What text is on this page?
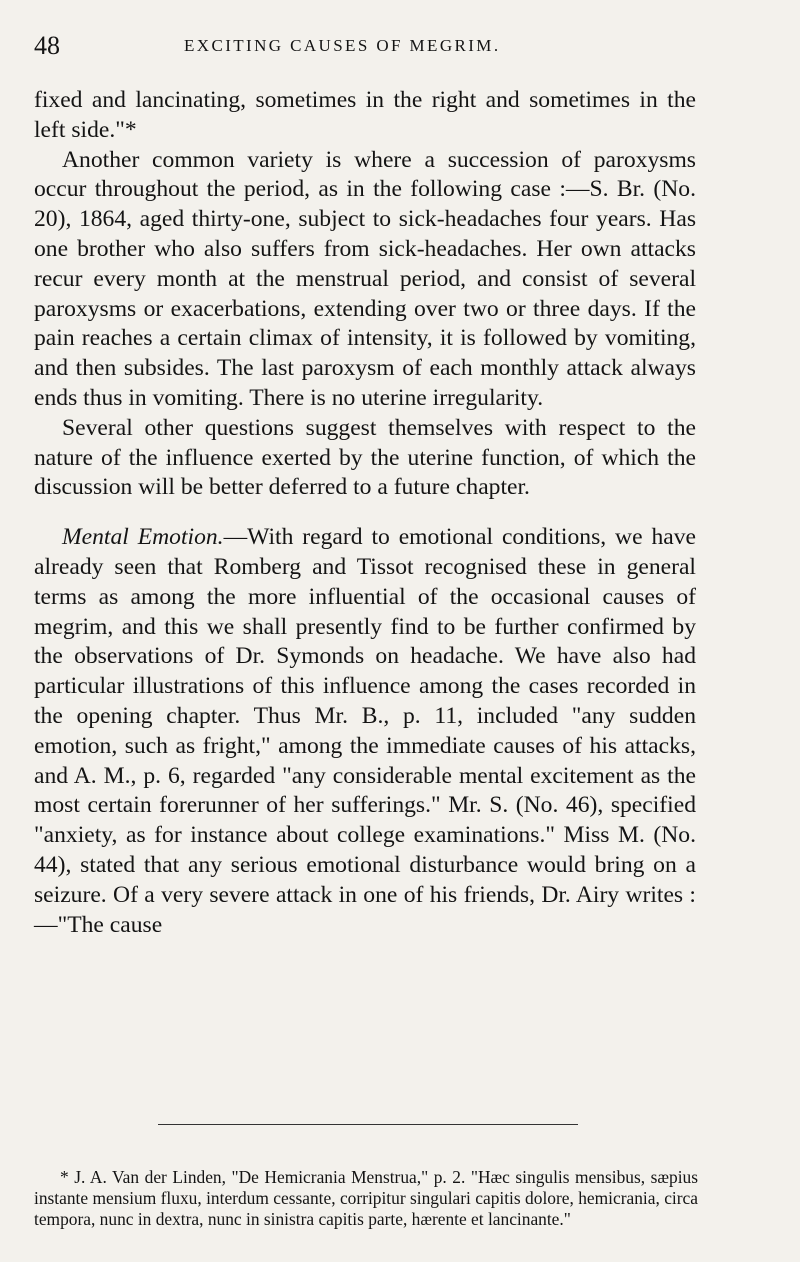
48	EXCITING CAUSES OF MEGRIM.

fixed and lancinating, sometimes in the right and sometimes in the left side."*

Another common variety is where a succession of paroxysms occur throughout the period, as in the following case :—S. Br. (No. 20), 1864, aged thirty-one, subject to sick-headaches four years. Has one brother who also suffers from sick-headaches. Her own attacks recur every month at the menstrual period, and consist of several paroxysms or exacerbations, extending over two or three days. If the pain reaches a certain climax of intensity, it is followed by vomiting, and then subsides. The last paroxysm of each monthly attack always ends thus in vomiting. There is no uterine irregularity.

Several other questions suggest themselves with respect to the nature of the influence exerted by the uterine function, of which the discussion will be better deferred to a future chapter.

Mental Emotion.—With regard to emotional conditions, we have already seen that Romberg and Tissot recognised these in general terms as among the more influential of the occasional causes of megrim, and this we shall presently find to be further confirmed by the observations of Dr. Symonds on headache. We have also had particular illustrations of this influence among the cases recorded in the opening chapter. Thus Mr. B., p. 11, included "any sudden emotion, such as fright," among the immediate causes of his attacks, and A. M., p. 6, regarded "any considerable mental excitement as the most certain forerunner of her sufferings." Mr. S. (No. 46), specified "anxiety, as for instance about college examinations." Miss M. (No. 44), stated that any serious emotional disturbance would bring on a seizure. Of a very severe attack in one of his friends, Dr. Airy writes :—"The cause

* J. A. Van der Linden, "De Hemicrania Menstrua," p. 2. "Hæc singulis mensibus, sæpius instante mensium fluxu, interdum cessante, corripitur singulari capitis dolore, hemicrania, circa tempora, nunc in dextra, nunc in sinistra capitis parte, hærente et lancinante."
